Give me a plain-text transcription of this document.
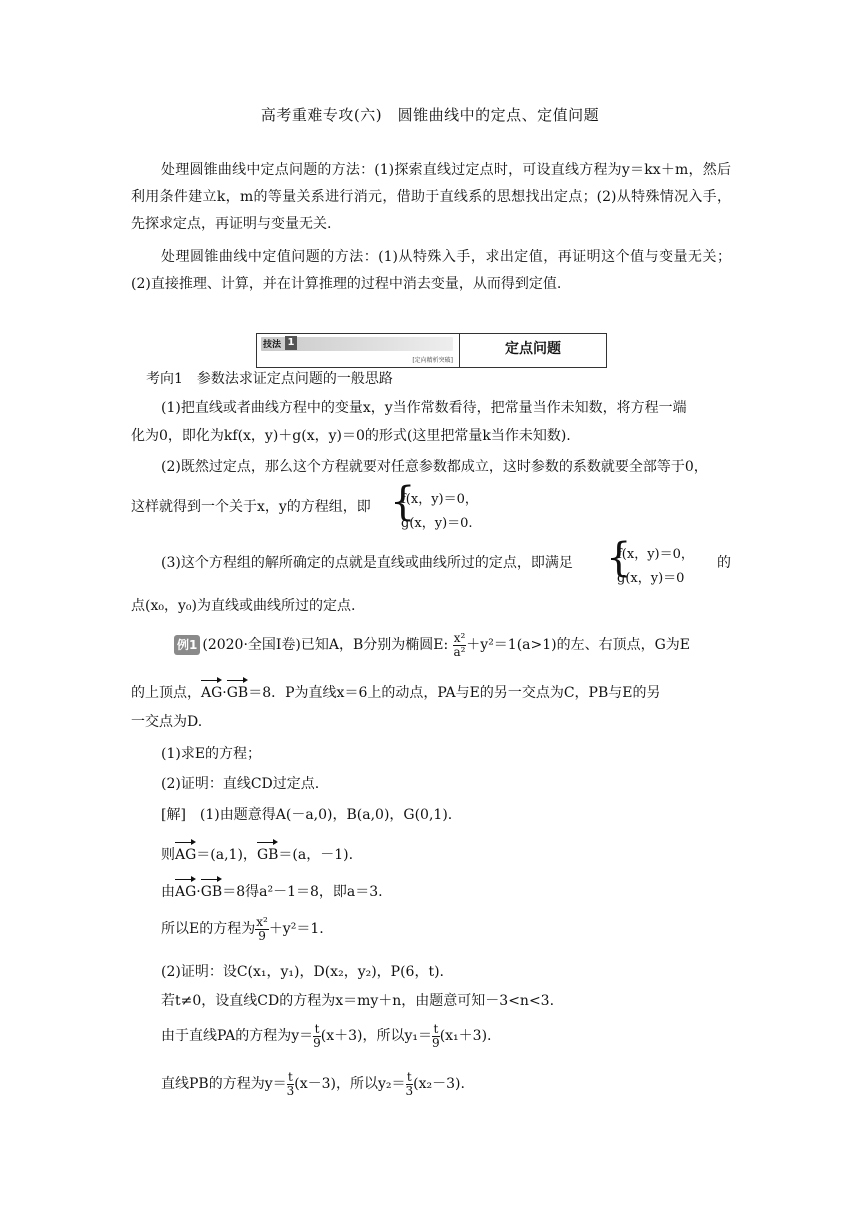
高考重难专攻(六)　圆锥曲线中的定点、定值问题
处理圆锥曲线中定点问题的方法：(1)探索直线过定点时，可设直线方程为y＝kx＋m，然后利用条件建立k，m的等量关系进行消元，借助于直线系的思想找出定点；(2)从特殊情况入手，先探求定点，再证明与变量无关.
处理圆锥曲线中定值问题的方法：(1)从特殊入手，求出定值，再证明这个值与变量无关；(2)直接推理、计算，并在计算推理的过程中消去变量，从而得到定值.
技法 1
[定向精析突破]
定点问题
考向1　参数法求证定点问题的一般思路
(1)把直线或者曲线方程中的变量x，y当作常数看待，把常量当作未知数，将方程一端
化为0，即化为kf(x，y)＋g(x，y)＝0的形式(这里把常量k当作未知数).
(2)既然过定点，那么这个方程就要对任意参数都成立，这时参数的系数就要全部等于0，
这样就得到一个关于x，y的方程组，即 {
f(x，y)＝0，
g(x，y)＝0.
(3)这个方程组的解所确定的点就是直线或曲线所过的定点，即满足 {
f(x，y)＝0，
g(x，y)＝0
的
点(x₀，y₀)为直线或曲线所过的定点.
例1 (2020·全国Ⅰ卷)已知A，B分别为椭圆E: $\frac{\text{x²}}{\text{a²}} +y^2=1(a>1)$的左、右顶点，G为E
的上顶点，AG·GB＝8．P为直线x＝6上的动点，PA与E的另一交点为C，PB与E的另
一交点为D.
(1)求E的方程；
(2)证明：直线CD过定点.
[解]　(1)由题意得A(－a,0)，B(a,0)，G(0,1).
则AG＝(a,1)，GB＝(a，－1).
由AG·GB＝8得a²－1＝8，即a＝3.
所以E的方程为 $\frac{\text{x²}}{9} +y^2=1$.
(2)证明：设C(x₁，y₁)，D(x₂，y₂)，P(6，t).
若t≠0，设直线CD的方程为x＝my＋n，由题意可知－3<n<3.
由于直线PA的方程为$y= \frac{t}{9} (x+3)$，所以$y_1= \frac{t}{9} (x_1+3)$.
直线PB的方程为$y= \frac{t}{3} (x-3)$，所以$y_2= \frac{t}{3} (x_2-3)$.
